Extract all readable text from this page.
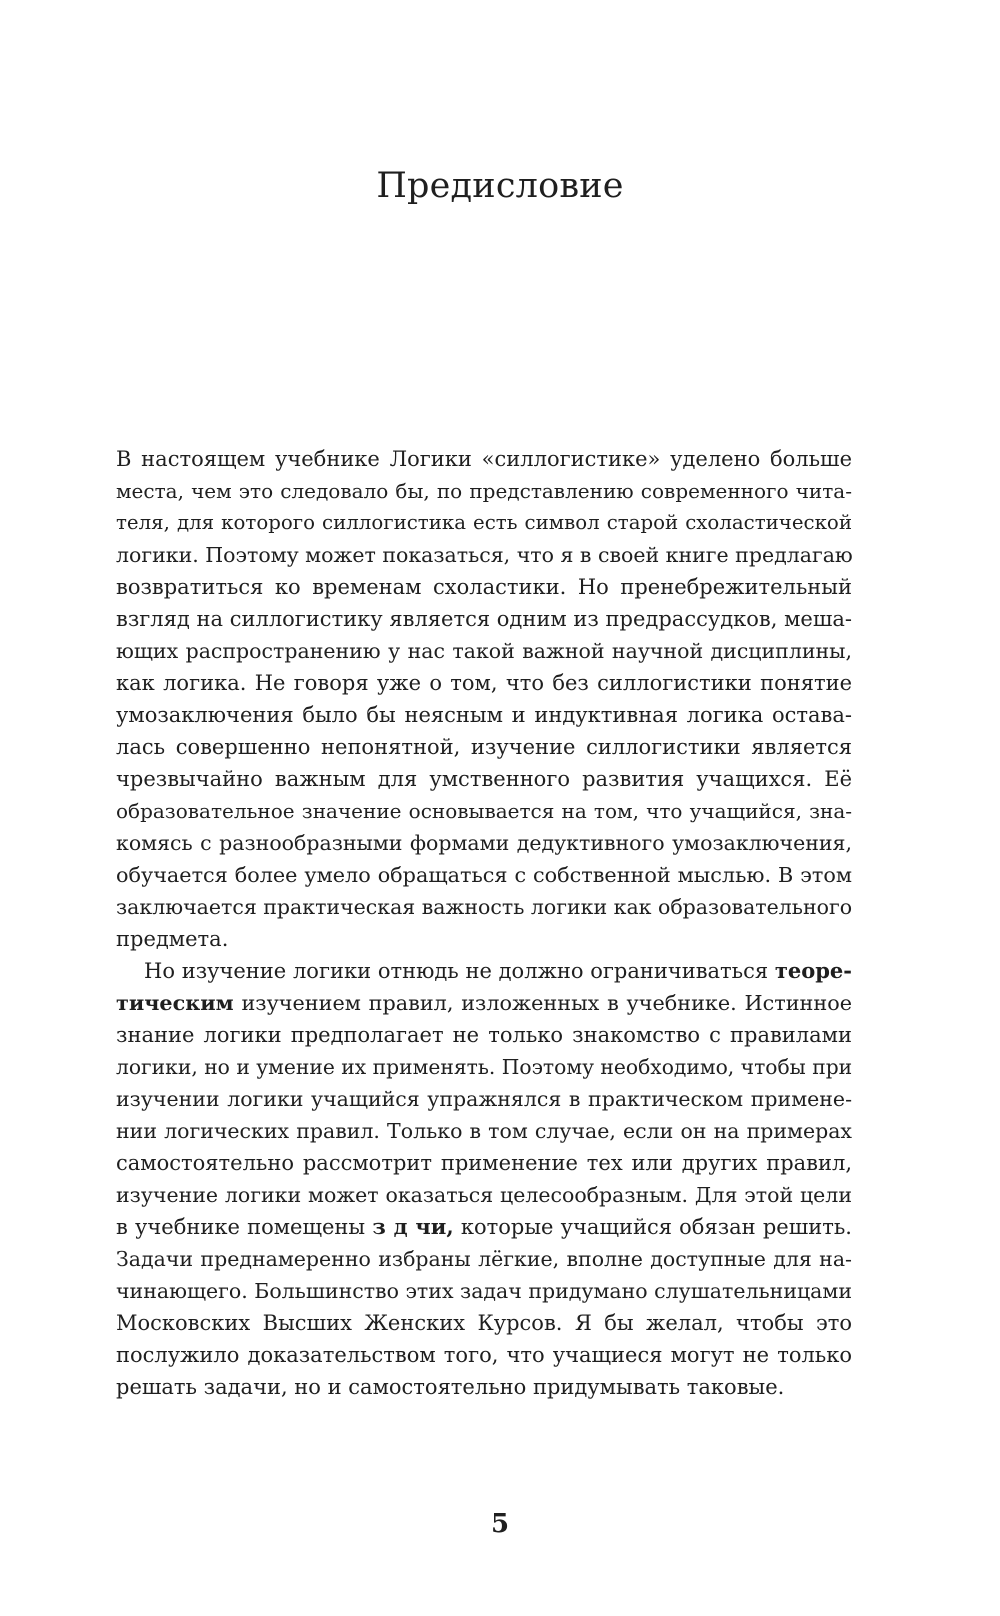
Предисловие
В настоящем учебнике Логики «силлогистике» уделено больше
места, чем это следовало бы, по представлению современного чита-
теля, для которого силлогистика есть символ старой схоластической
логики. Поэтому может показаться, что я в своей книге предлагаю
возвратиться ко временам схоластики. Но пренебрежительный
взгляд на силлогистику является одним из предрассудков, меша-
ющих распространению у нас такой важной научной дисциплины,
как логика. Не говоря уже о том, что без силлогистики понятие
умозаключения было бы неясным и индуктивная логика остава-
лась совершенно непонятной, изучение силлогистики является
чрезвычайно важным для умственного развития учащихся. Её
образовательное значение основывается на том, что учащийся, зна-
комясь с разнообразными формами дедуктивного умозаключения,
обучается более умело обращаться с собственной мыслью. В этом
заключается практическая важность логики как образовательного
предмета.
Но изучение логики отнюдь не должно ограничиваться теоре-
тическим изучением правил, изложенных в учебнике. Истинное
знание логики предполагает не только знакомство с правилами
логики, но и умение их применять. Поэтому необходимо, чтобы при
изучении логики учащийся упражнялся в практическом примене-
нии логических правил. Только в том случае, если он на примерах
самостоятельно рассмотрит применение тех или других правил,
изучение логики может оказаться целесообразным. Для этой цели
в учебнике помещены з д чи, которые учащийся обязан решить.
Задачи преднамеренно избраны лёгкие, вполне доступные для на-
чинающего. Большинство этих задач придумано слушательницами
Московских Высших Женских Курсов. Я бы желал, чтобы это
послужило доказательством того, что учащиеся могут не только
решать задачи, но и самостоятельно придумывать таковые.
5
